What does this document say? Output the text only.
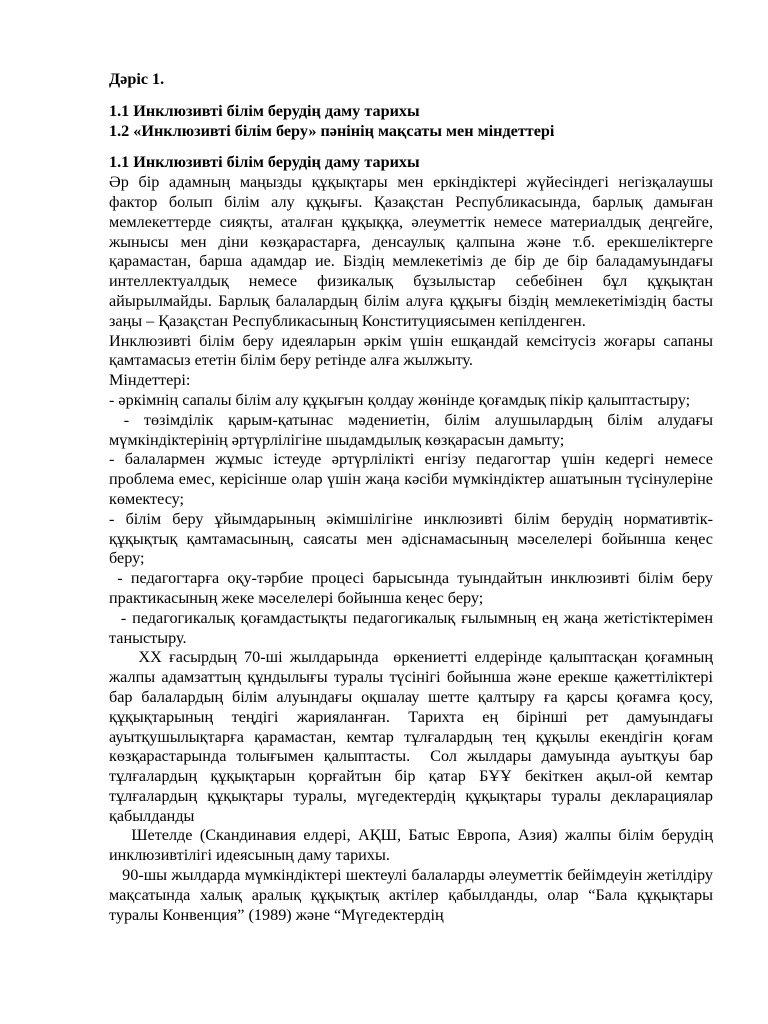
Дәріс 1.

1.1 Инклюзивті білім берудің даму тарихы

1.2 «Инклюзивті білім беру» пәнінің мақсаты мен міндеттері

1.1 Инклюзивті білім берудің даму тарихы

Әр бір адамның маңызды құқықтары мен еркіндіктері жүйесіндегі негізқалаушы фактор болып білім алу құқығы. Қазақстан Республикасында, барлық дамыған мемлекеттерде сияқты, аталған құқыққа, әлеуметтік немесе материалдық деңгейге, жынысы мен діни көзқарастарға, денсаулық қалпына және т.б. ерекшеліктерге қарамастан, барша адамдар ие. Біздің мемлекетіміз де бір де бір баладамуындағы интеллектуалдық немесе физикалық бұзылыстар себебінен бұл құқықтан айырылмайды. Барлық балалардың білім алуға құқығы біздің мемлекетіміздің басты заңы – Қазақстан Республикасының Конституциясымен кепілденген.

Инклюзивті білім беру идеяларын әркім үшін ешқандай кемсітусіз жоғары сапаны қамтамасыз ететін білім беру ретінде алға жылжыту.

Міндеттері:

- әркімнің сапалы білім алу құқығын қолдау жөнінде қоғамдық пікір қалыптастыру;

- төзімділік қарым-қатынас мәдениетін, білім алушылардың білім алудағы мүмкіндіктерінің әртүрлілігіне шыдамдылық көзқарасын дамыту;

- балалармен жұмыс істеуде әртүрлілікті енгізу педагогтар үшін кедергі немесе проблема емес, керісінше олар үшін жаңа кәсіби мүмкіндіктер ашатынын түсінулеріне көмектесу;

- білім беру ұйымдарының әкімшілігіне инклюзивті білім берудің нормативтік-құқықтық қамтамасының, саясаты мен әдіснамасының мәселелері бойынша кеңес беру;

- педагогтарға оқу-тәрбие процесі барысында туындайтын инклюзивті білім беру практикасының жеке мәселелері бойынша кеңес беру;

- педагогикалық қоғамдастықты педагогикалық ғылымның ең жаңа жетістіктерімен таныстыру.

ХХ ғасырдың 70-ші жылдарында  өркениетті елдерінде қалыптасқан қоғамның жалпы адамзаттың құндылығы туралы түсінігі бойынша және ерекше қажеттіліктері бар балалардың білім алуындағы оқшалау шетте қалтыру ға қарсы қоғамға қосу, құқықтарының теңдігі жарияланған. Тарихта ең бірінші рет дамуындағы ауытқушылықтарға қарамастан, кемтар тұлғалардың тең құқылы екендігін қоғам көзқарастарында толығымен қалыптасты.  Сол жылдары дамуында ауытқуы бар тұлғалардың құқықтарын қорғайтын бір қатар БҰҰ бекіткен ақыл-ой кемтар тұлғалардың құқықтары туралы, мүгедектердің құқықтары туралы декларациялар қабылданды

Шетелде (Скандинавия елдері, АҚШ, Батыс Европа, Азия) жалпы білім берудің инклюзивтілігі идеясының даму тарихы.

90-шы жылдарда мүмкіндіктері шектеулі балаларды әлеуметтік бейімдеуін жетілдіру мақсатында халық аралық құқықтық актілер қабылданды, олар “Бала құқықтары туралы Конвенция” (1989) және “Мүгедектердің
